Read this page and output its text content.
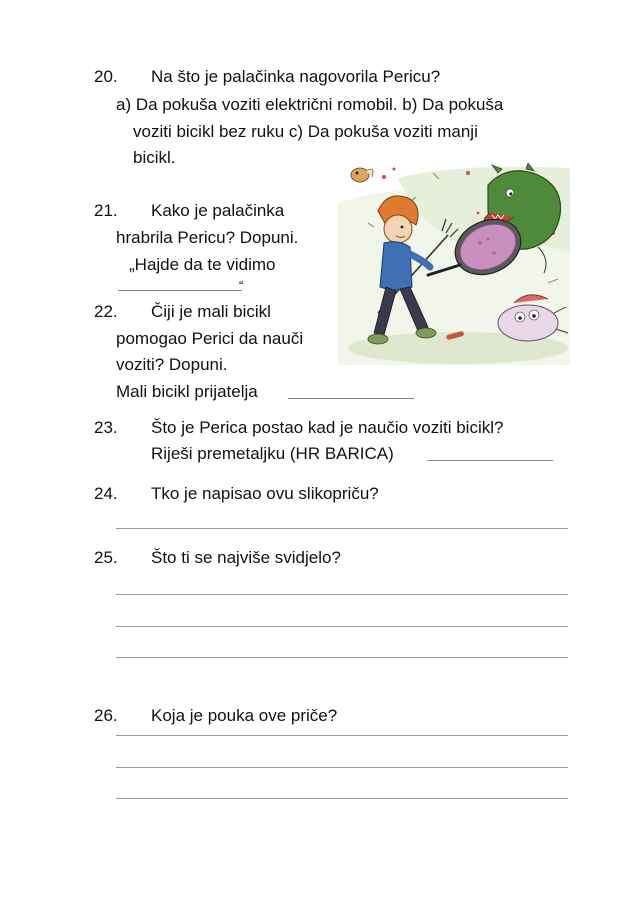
20. Na što je palačinka nagovorila Pericu?
a) Da pokuša voziti električni romobil. b) Da pokuša
voziti bicikl bez ruku c) Da pokuša voziti manji
bicikl.
21. Kako je palačinka
hrabrila Pericu? Dopuni.
„Hajde da te vidimo
“
22. Čiji je mali bicikl
pomogao Perici da nauči
voziti? Dopuni.
Mali bicikl prijatelja
23. Što je Perica postao kad je naučio voziti bicikl?
Riješi premetaljku (HR BARICA)
24. Tko je napisao ovu slikopriču?
25. Što ti se najviše svidjelo?
26. Koja je pouka ove priče?
